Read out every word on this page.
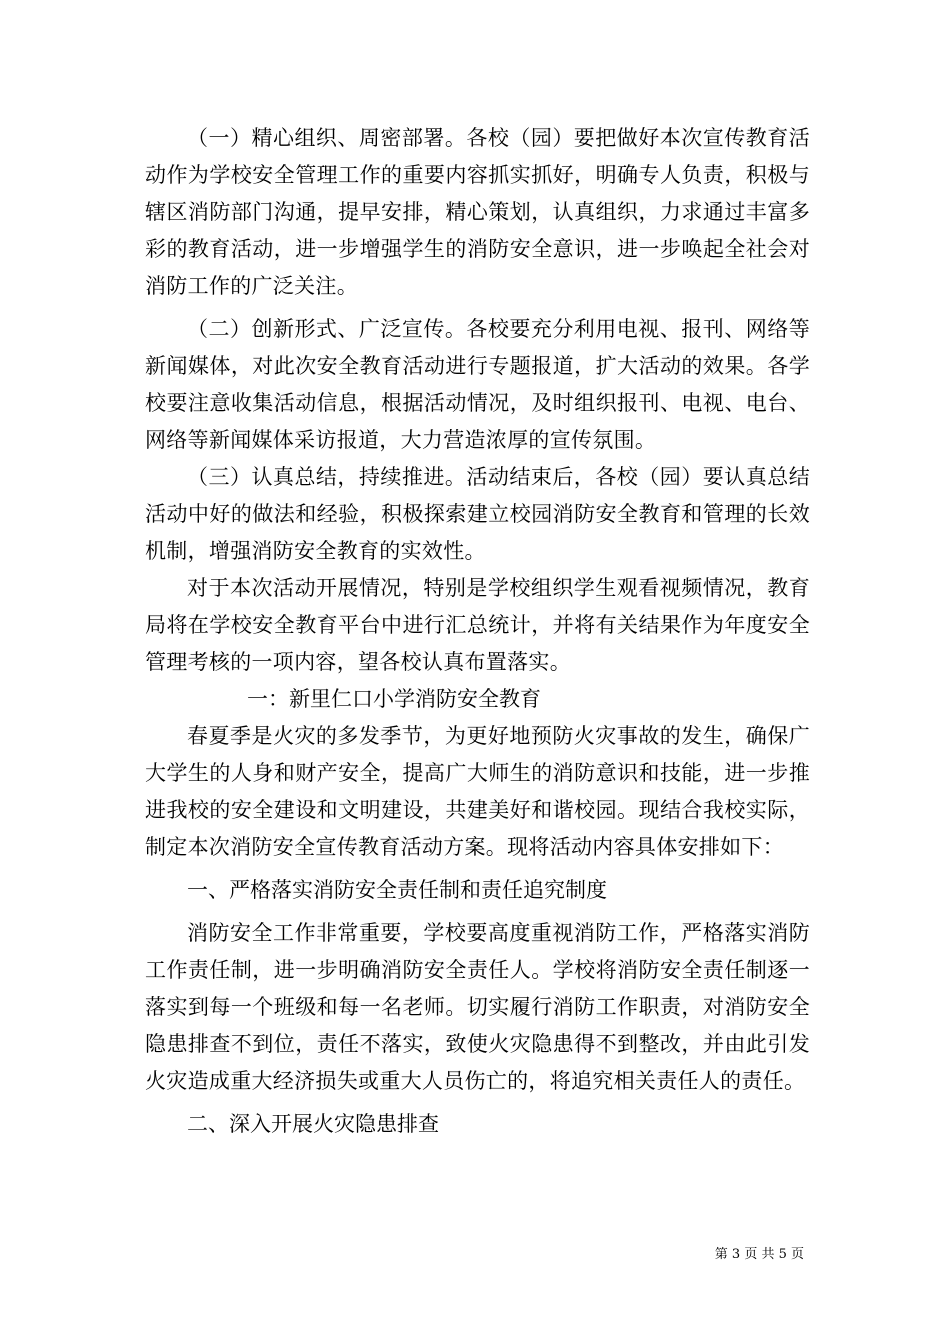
（一）精心组织、周密部署。各校（园）要把做好本次宣传教育活动作为学校安全管理工作的重要内容抓实抓好，明确专人负责，积极与辖区消防部门沟通，提早安排，精心策划，认真组织，力求通过丰富多彩的教育活动，进一步增强学生的消防安全意识，进一步唤起全社会对消防工作的广泛关注。

（二）创新形式、广泛宣传。各校要充分利用电视、报刊、网络等新闻媒体，对此次安全教育活动进行专题报道，扩大活动的效果。各学校要注意收集活动信息，根据活动情况，及时组织报刊、电视、电台、网络等新闻媒体采访报道，大力营造浓厚的宣传氛围。

（三）认真总结，持续推进。活动结束后，各校（园）要认真总结活动中好的做法和经验，积极探索建立校园消防安全教育和管理的长效机制，增强消防安全教育的实效性。

对于本次活动开展情况，特别是学校组织学生观看视频情况，教育局将在学校安全教育平台中进行汇总统计，并将有关结果作为年度安全管理考核的一项内容，望各校认真布置落实。

一：新里仁口小学消防安全教育

春夏季是火灾的多发季节，为更好地预防火灾事故的发生，确保广大学生的人身和财产安全，提高广大师生的消防意识和技能，进一步推进我校的安全建设和文明建设，共建美好和谐校园。现结合我校实际，制定本次消防安全宣传教育活动方案。现将活动内容具体安排如下：

一、严格落实消防安全责任制和责任追究制度

消防安全工作非常重要，学校要高度重视消防工作，严格落实消防工作责任制，进一步明确消防安全责任人。学校将消防安全责任制逐一落实到每一个班级和每一名老师。切实履行消防工作职责，对消防安全隐患排查不到位，责任不落实，致使火灾隐患得不到整改，并由此引发火灾造成重大经济损失或重大人员伤亡的，将追究相关责任人的责任。

二、深入开展火灾隐患排查

第 3 页 共 5 页
